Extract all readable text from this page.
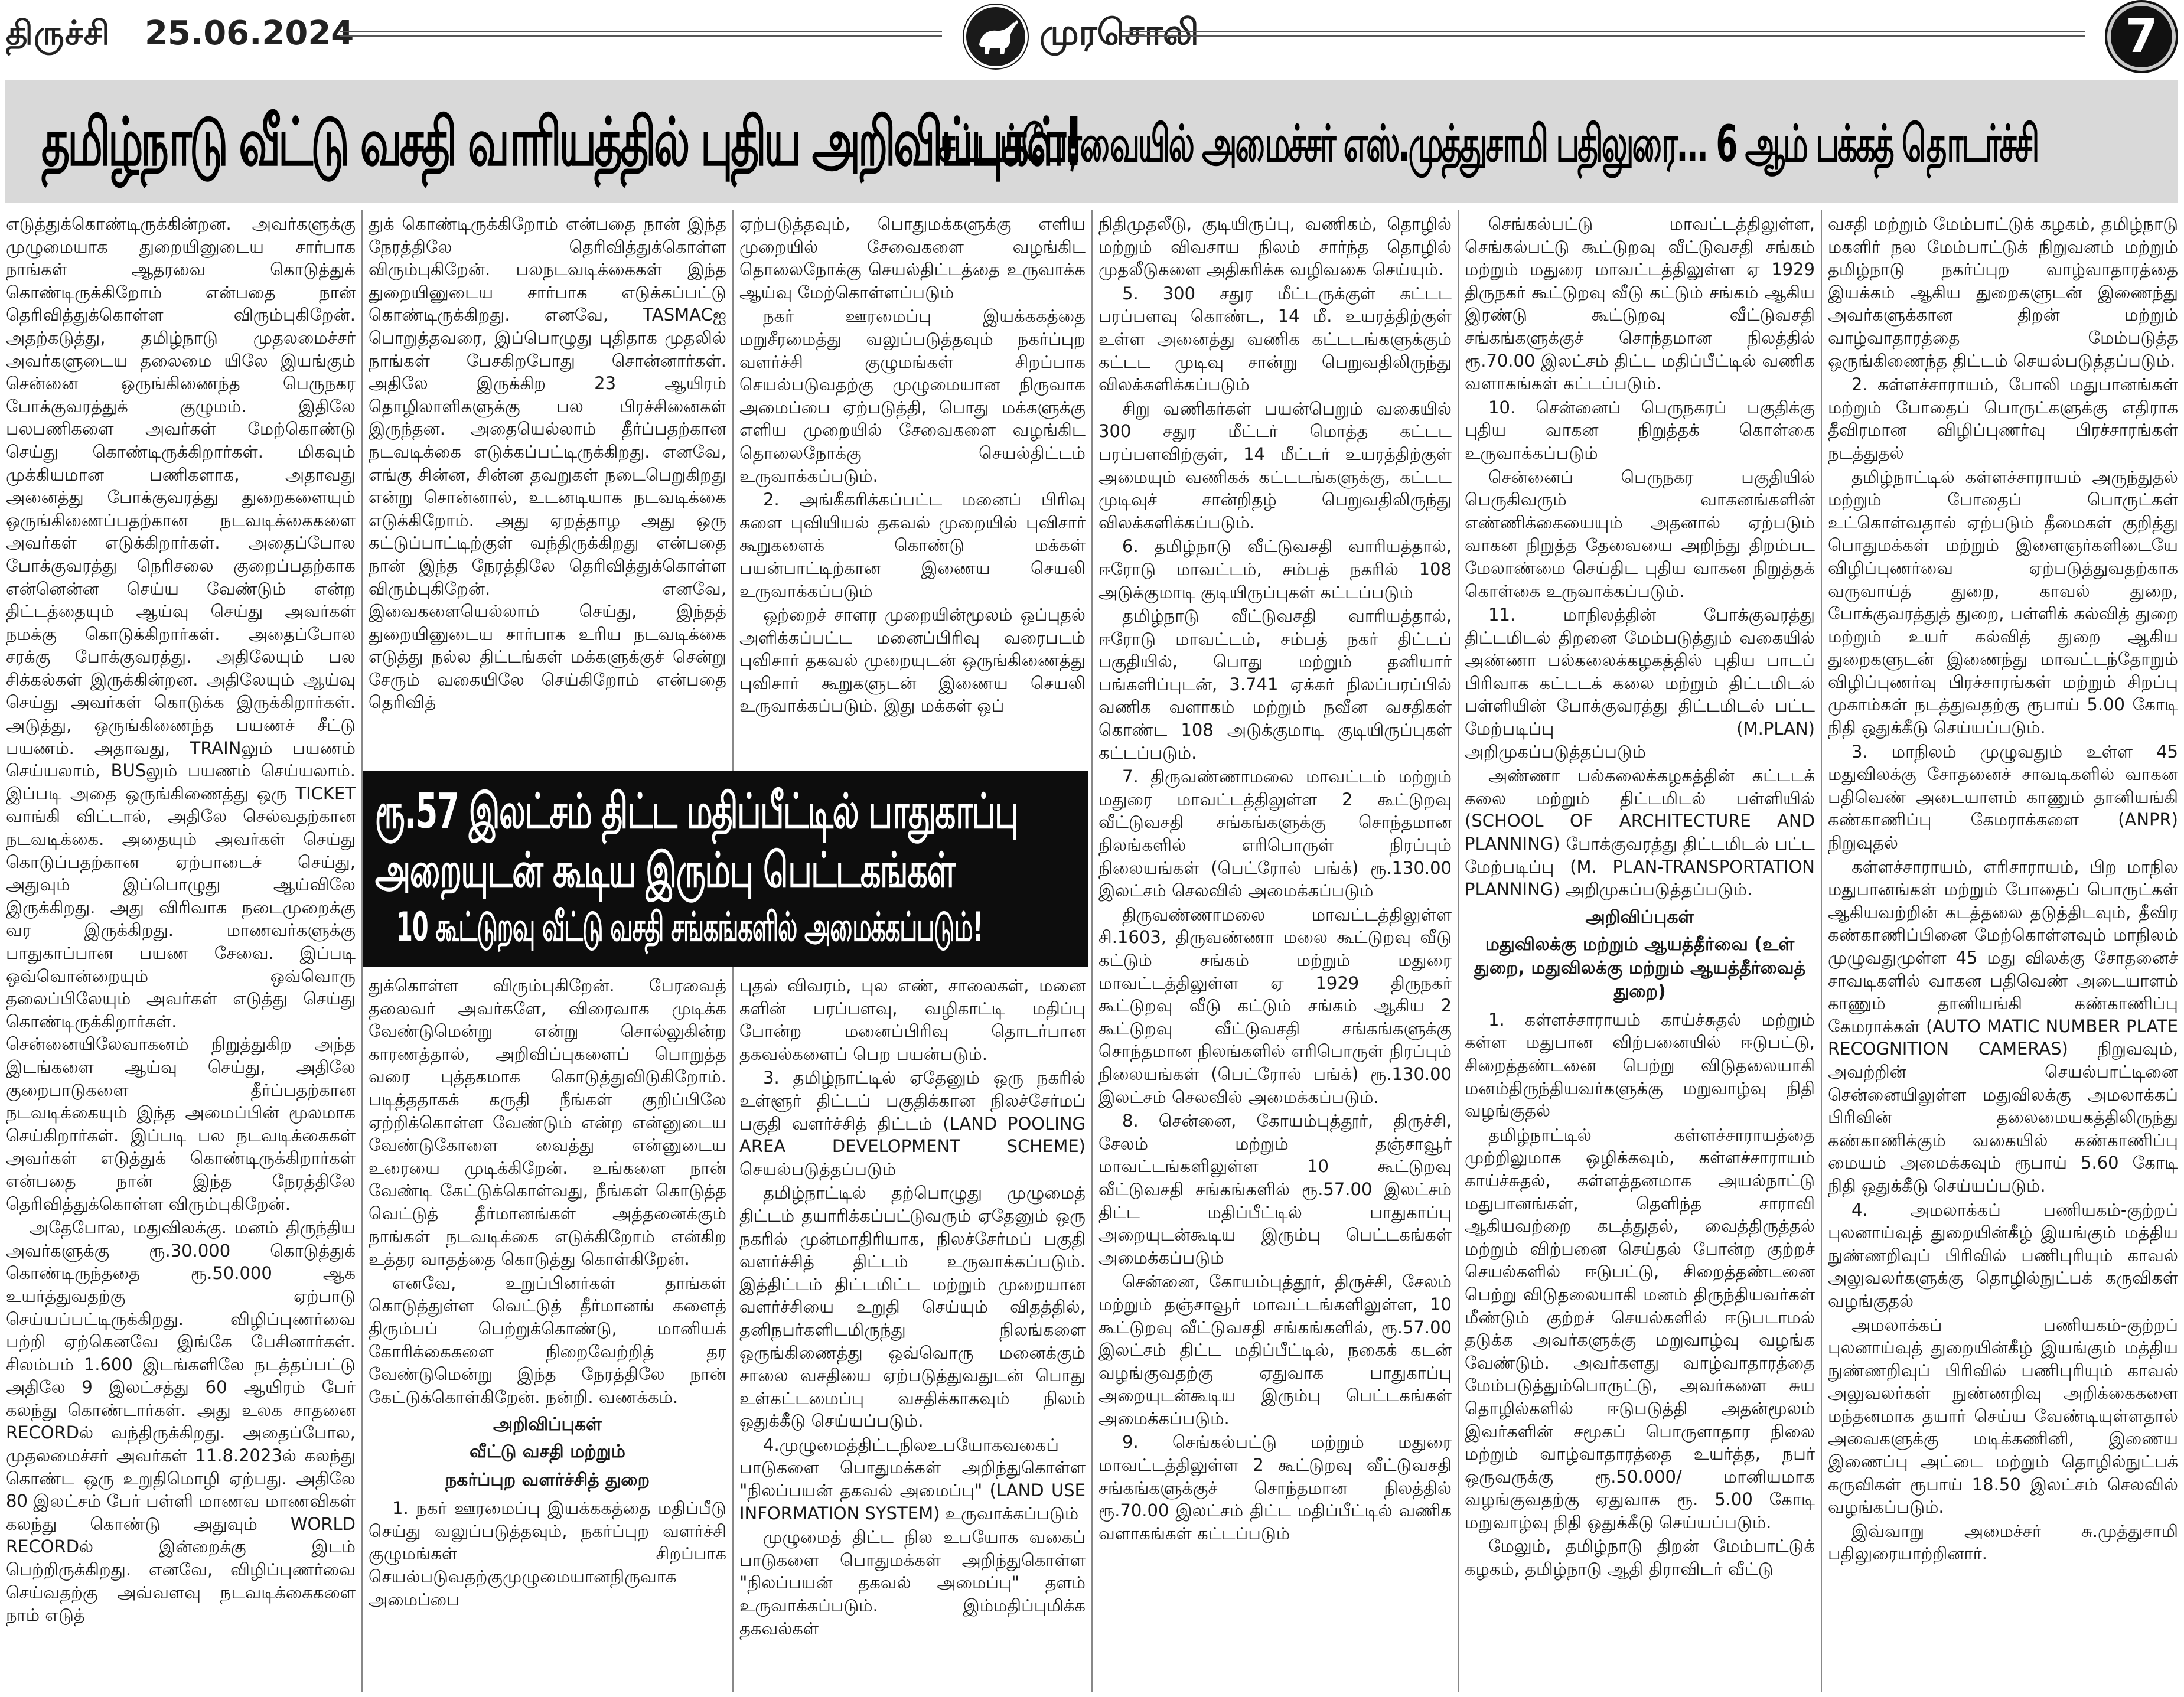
திருச்சி 25.06.2024	முரசொலி	7
தமிழ்நாடு வீட்டு வசதி வாரியத்தில் புதிய அறிவிப்புகள்!
சட்டப்பேரவையில் அமைச்சர் எஸ்.முத்துசாமி பதிலுரை... 6 ஆம் பக்கத் தொடர்ச்சி

எடுத்துக்கொண்டிருக்கின்றன. அவர்களுக்கு முழுமையாக துறையினுடைய சார்பாக நாங்கள் ஆதரவை கொடுத்துக் கொண்டிருக்கிறோம் என்பதை நான் தெரிவித்துக்கொள்ள விரும்புகிறேன். அதற்கடுத்து, தமிழ்நாடு முதலமைச்சர் அவர்களுடைய தலைமை யிலே இயங்கும் சென்னை ஒருங்கிணைந்த பெருநகர போக்குவரத்துக் குழுமம். இதிலே பலபணிகளை அவர்கள் மேற்கொண்டு செய்து கொண்டிருக்கிறார்கள். மிகவும் முக்கியமான பணிகளாக, அதாவது அனைத்து போக்குவரத்து துறைகளையும் ஒருங்கிணைப்பதற்கான நடவடிக்கைகளை அவர்கள் எடுக்கிறார்கள். அதைப்போல போக்குவரத்து நெரிசலை குறைப்பதற்காக என்னென்ன செய்ய வேண்டும் என்ற திட்டத்தையும் ஆய்வு செய்து அவர்கள் நமக்கு கொடுக்கிறார்கள். அதைப்போல சரக்கு போக்குவரத்து. அதிலேயும் பல சிக்கல்கள் இருக்கின்றன. அதிலேயும் ஆய்வு செய்து அவர்கள் கொடுக்க இருக்கிறார்கள். அடுத்து, ஒருங்கிணைந்த பயணச் சீட்டு பயணம். அதாவது, TRAINலும் பயணம் செய்யலாம், BUSலும் பயணம் செய்யலாம். இப்படி அதை ஒருங்கிணைத்து ஒரு TICKET வாங்கி விட்டால், அதிலே செல்வதற்கான நடவடிக்கை. அதையும் அவர்கள் செய்து கொடுப்பதற்கான ஏற்பாடைச் செய்து, அதுவும் இப்பொழுது ஆய்விலே இருக்கிறது. அது விரிவாக நடைமுறைக்கு வர இருக்கிறது. மாணவர்களுக்கு பாதுகாப்பான பயண சேவை. இப்படி ஒவ்வொன்றையும் ஒவ்வொரு தலைப்பிலேயும் அவர்கள் எடுத்து செய்து கொண்டிருக்கிறார்கள். சென்னையிலேவாகனம் நிறுத்துகிற அந்த இடங்களை ஆய்வு செய்து, அதிலே குறைபாடுகளை தீர்ப்பதற்கான நடவடிக்கையும் இந்த அமைப்பின் மூலமாக செய்கிறார்கள். இப்படி பல நடவடிக்கைகள் அவர்கள் எடுத்துக் கொண்டிருக்கிறார்கள் என்பதை நான் இந்த நேரத்திலே தெரிவித்துக்கொள்ள விரும்புகிறேன்.

அதேபோல, மதுவிலக்கு. மனம் திருந்திய அவர்களுக்கு ரூ.30.000 கொடுத்துக் கொண்டிருந்ததை ரூ.50.000 ஆக உயர்த்துவதற்கு ஏற்பாடு செய்யப்பட்டிருக்கிறது. விழிப்புணர்வை பற்றி ஏற்கெனவே இங்கே பேசினார்கள். சிலம்பம் 1.600 இடங்களிலே நடத்தப்பட்டு அதிலே 9 இலட்சத்து 60 ஆயிரம் பேர் கலந்து கொண்டார்கள். அது உலக சாதனை RECORDல் வந்திருக்கிறது. அதைப்போல, முதலமைச்சர் அவர்கள் 11.8.2023ல் கலந்து கொண்ட ஒரு உறுதிமொழி ஏற்பது. அதிலே 80 இலட்சம் பேர் பள்ளி மாணவ மாணவிகள் கலந்து கொண்டு அதுவும் WORLD RECORDல் இன்றைக்கு இடம் பெற்றிருக்கிறது. எனவே, விழிப்புணர்வை செய்வதற்கு அவ்வளவு நடவடிக்கைகளை நாம் எடுத்

துக் கொண்டிருக்கிறோம் என்பதை நான் இந்த நேரத்திலே தெரிவித்துக்கொள்ள விரும்புகிறேன். பலநடவடிக்கைகள் இந்த துறையினுடைய சார்பாக எடுக்கப்பட்டு கொண்டிருக்கிறது. எனவே, TASMACஐ பொறுத்தவரை, இப்பொழுது புதிதாக முதலில் நாங்கள் பேசகிறபோது சொன்னார்கள். அதிலே இருக்கிற 23 ஆயிரம் தொழிலாளிகளுக்கு பல பிரச்சினைகள் இருந்தன. அதையெல்லாம் தீர்ப்பதற்கான நடவடிக்கை எடுக்கப்பட்டிருக்கிறது. எனவே, எங்கு சின்ன, சின்ன தவறுகள் நடைபெறுகிறது என்று சொன்னால், உடனடியாக நடவடிக்கை எடுக்கிறோம். அது ஏறத்தாழ அது ஒரு கட்டுப்பாட்டிற்குள் வந்திருக்கிறது என்பதை நான் இந்த நேரத்திலே தெரிவித்துக்கொள்ள விரும்புகிறேன். எனவே, இவைகளையெல்லாம் செய்து, இந்தத் துறையினுடைய சார்பாக உரிய நடவடிக்கை எடுத்து நல்ல திட்டங்கள் மக்களுக்குச் சென்று சேரும் வகையிலே செய்கிறோம் என்பதை தெரிவித்

ஏற்படுத்தவும், பொதுமக்களுக்கு எளிய முறையில் சேவைகளை வழங்கிட தொலைநோக்கு செயல்திட்டத்தை உருவாக்க ஆய்வு மேற்கொள்ளப்படும்

நகர் ஊரமைப்பு இயக்ககத்தை மறுசீரமைத்து வலுப்படுத்தவும் நகர்ப்புற வளர்ச்சி குழுமங்கள் சிறப்பாக செயல்படுவதற்கு முழுமையான நிருவாக அமைப்பை ஏற்படுத்தி, பொது மக்களுக்கு எளிய முறையில் சேவைகளை வழங்கிட தொலைநோக்கு செயல்திட்டம் உருவாக்கப்படும்.

2. அங்கீகரிக்கப்பட்ட மனைப் பிரிவு களை புவியியல் தகவல் முறையில் புவிசார் கூறுகளைக் கொண்டு மக்கள் பயன்பாட்டிற்கான இணைய செயலி உருவாக்கப்படும்

ஒற்றைச் சாளர முறையின்மூலம் ஒப்புதல் அளிக்கப்பட்ட மனைப்பிரிவு வரைபடம் புவிசார் தகவல் முறையுடன் ஒருங்கிணைத்து புவிசார் கூறுகளுடன் இணைய செயலி உருவாக்கப்படும். இது மக்கள் ஒப்

ரூ.57 இலட்சம் திட்ட மதிப்பீட்டில் பாதுகாப்பு
அறையுடன் கூடிய இரும்பு பெட்டகங்கள்
10 கூட்டுறவு வீட்டு வசதி சங்கங்களில் அமைக்கப்படும்!

துக்கொள்ள விரும்புகிறேன். பேரவைத் தலைவர் அவர்களே, விரைவாக முடிக்க வேண்டுமென்று என்று சொல்லுகின்ற காரணத்தால், அறிவிப்புகளைப் பொறுத்த வரை புத்தகமாக கொடுத்துவிடுகிறோம். படித்ததாகக் கருதி நீங்கள் குறிப்பிலே ஏற்றிக்கொள்ள வேண்டும் என்ற என்னுடைய வேண்டுகோளை வைத்து என்னுடைய உரையை முடிக்கிறேன். உங்களை நான் வேண்டி கேட்டுக்கொள்வது, நீங்கள் கொடுத்த வெட்டுத் தீர்மானங்கள் அத்தனைக்கும் நாங்கள் நடவடிக்கை எடுக்கிறோம் என்கிற உத்தர வாதத்தை கொடுத்து கொள்கிறேன்.

எனவே, உறுப்பினர்கள் தாங்கள் கொடுத்துள்ள வெட்டுத் தீர்மானங் களைத் திரும்பப் பெற்றுக்கொண்டு, மானியக் கோரிக்கைகளை நிறைவேற்றித் தர வேண்டுமென்று இந்த நேரத்திலே நான் கேட்டுக்கொள்கிறேன். நன்றி. வணக்கம்.

அறிவிப்புகள்
வீட்டு வசதி மற்றும்
நகர்ப்புற வளர்ச்சித் துறை

1. நகர் ஊரமைப்பு இயக்ககத்தை மதிப்பீடு செய்து வலுப்படுத்தவும், நகர்ப்புற வளர்ச்சி குழுமங்கள் சிறப்பாக செயல்படுவதற்குமுழுமையானநிருவாக அமைப்பை

புதல் விவரம், புல எண், சாலைகள், மனை களின் பரப்பளவு, வழிகாட்டி மதிப்பு போன்ற மனைப்பிரிவு தொடர்பான தகவல்களைப் பெற பயன்படும்.

3. தமிழ்நாட்டில் ஏதேனும் ஒரு நகரில் உள்ளூர் திட்டப் பகுதிக்கான நிலச்சேர்மப் பகுதி வளர்ச்சித் திட்டம் (LAND POOLING AREA DEVELOPMENT SCHEME) செயல்படுத்தப்படும்

தமிழ்நாட்டில் தற்பொழுது முழுமைத் திட்டம் தயாரிக்கப்பட்டுவரும் ஏதேனும் ஒரு நகரில் முன்மாதிரியாக, நிலச்சேர்மப் பகுதி வளர்ச்சித் திட்டம் உருவாக்கப்படும். இத்திட்டம் திட்டமிட்ட மற்றும் முறையான வளர்ச்சியை உறுதி செய்யும் விதத்தில், தனிநபர்களிடமிருந்து நிலங்களை ஒருங்கிணைத்து ஒவ்வொரு மனைக்கும் சாலை வசதியை ஏற்படுத்துவதுடன் பொது உள்கட்டமைப்பு வசதிக்காகவும் நிலம் ஒதுக்கீடு செய்யப்படும்.

4.முழுமைத்திட்டநிலஉபயோகவகைப் பாடுகளை பொதுமக்கள் அறிந்துகொள்ள "நிலப்பயன் தகவல் அமைப்பு" (LAND USE INFORMATION SYSTEM) உருவாக்கப்படும்

முழுமைத் திட்ட நில உபயோக வகைப் பாடுகளை பொதுமக்கள் அறிந்துகொள்ள "நிலப்பயன் தகவல் அமைப்பு" தளம் உருவாக்கப்படும். இம்மதிப்புமிக்க தகவல்கள்

நிதிமுதலீடு, குடியிருப்பு, வணிகம், தொழில் மற்றும் விவசாய நிலம் சார்ந்த தொழில் முதலீடுகளை அதிகரிக்க வழிவகை செய்யும்.

5. 300 சதுர மீட்டருக்குள் கட்டட பரப்பளவு கொண்ட, 14 மீ. உயரத்திற்குள் உள்ள அனைத்து வணிக கட்டடங்களுக்கும் கட்டட முடிவு சான்று பெறுவதிலிருந்து விலக்களிக்கப்படும்

சிறு வணிகர்கள் பயன்பெறும் வகையில் 300 சதுர மீட்டர் மொத்த கட்டட பரப்பளவிற்குள், 14 மீட்டர் உயரத்திற்குள் அமையும் வணிகக் கட்டடங்களுக்கு, கட்டட முடிவுச் சான்றிதழ் பெறுவதிலிருந்து விலக்களிக்கப்படும்.

6. தமிழ்நாடு வீட்டுவசதி வாரியத்தால், ஈரோடு மாவட்டம், சம்பத் நகரில் 108 அடுக்குமாடி குடியிருப்புகள் கட்டப்படும்

தமிழ்நாடு வீட்டுவசதி வாரியத்தால், ஈரோடு மாவட்டம், சம்பத் நகர் திட்டப் பகுதியில், பொது மற்றும் தனியார் பங்களிப்புடன், 3.741 ஏக்கர் நிலப்பரப்பில் வணிக வளாகம் மற்றும் நவீன வசதிகள் கொண்ட 108 அடுக்குமாடி குடியிருப்புகள் கட்டப்படும்.

7. திருவண்ணாமலை மாவட்டம் மற்றும் மதுரை மாவட்டத்திலுள்ள 2 கூட்டுறவு வீட்டுவசதி சங்கங்களுக்கு சொந்தமான நிலங்களில் எரிபொருள் நிரப்பும் நிலையங்கள் (பெட்ரோல் பங்க்) ரூ.130.00 இலட்சம் செலவில் அமைக்கப்படும்

திருவண்ணாமலை மாவட்டத்திலுள்ள சி.1603, திருவண்ணா மலை கூட்டுறவு வீடு கட்டும் சங்கம் மற்றும் மதுரை மாவட்டத்திலுள்ள ஏ 1929 திருநகர் கூட்டுறவு வீடு கட்டும் சங்கம் ஆகிய 2 கூட்டுறவு வீட்டுவசதி சங்கங்களுக்கு சொந்தமான நிலங்களில் எரிபொருள் நிரப்பும் நிலையங்கள் (பெட்ரோல் பங்க்) ரூ.130.00 இலட்சம் செலவில் அமைக்கப்படும்.

8. சென்னை, கோயம்புத்தூர், திருச்சி, சேலம் மற்றும் தஞ்சாவூர் மாவட்டங்களிலுள்ள 10 கூட்டுறவு வீட்டுவசதி சங்கங்களில் ரூ.57.00 இலட்சம் திட்ட மதிப்பீட்டில் பாதுகாப்பு அறையுடன்கூடிய இரும்பு பெட்டகங்கள் அமைக்கப்படும்

சென்னை, கோயம்புத்தூர், திருச்சி, சேலம் மற்றும் தஞ்சாவூர் மாவட்டங்களிலுள்ள, 10 கூட்டுறவு வீட்டுவசதி சங்கங்களில், ரூ.57.00 இலட்சம் திட்ட மதிப்பீட்டில், நகைக் கடன் வழங்குவதற்கு ஏதுவாக பாதுகாப்பு அறையுடன்கூடிய இரும்பு பெட்டகங்கள் அமைக்கப்படும்.

9. செங்கல்பட்டு மற்றும் மதுரை மாவட்டத்திலுள்ள 2 கூட்டுறவு வீட்டுவசதி சங்கங்களுக்குச் சொந்தமான நிலத்தில் ரூ.70.00 இலட்சம் திட்ட மதிப்பீட்டில் வணிக வளாகங்கள் கட்டப்படும்

செங்கல்பட்டு மாவட்டத்திலுள்ள, செங்கல்பட்டு கூட்டுறவு வீட்டுவசதி சங்கம் மற்றும் மதுரை மாவட்டத்திலுள்ள ஏ 1929 திருநகர் கூட்டுறவு வீடு கட்டும் சங்கம் ஆகிய இரண்டு கூட்டுறவு வீட்டுவசதி சங்கங்களுக்குச் சொந்தமான நிலத்தில் ரூ.70.00 இலட்சம் திட்ட மதிப்பீட்டில் வணிக வளாகங்கள் கட்டப்படும்.

10. சென்னைப் பெருநகரப் பகுதிக்கு புதிய வாகன நிறுத்தக் கொள்கை உருவாக்கப்படும்

சென்னைப் பெருநகர பகுதியில் பெருகிவரும் வாகனங்களின் எண்ணிக்கையையும் அதனால் ஏற்படும் வாகன நிறுத்த தேவையை அறிந்து திறம்பட மேலாண்மை செய்திட புதிய வாகன நிறுத்தக் கொள்கை உருவாக்கப்படும்.

11. மாநிலத்தின் போக்குவரத்து திட்டமிடல் திறனை மேம்படுத்தும் வகையில் அண்ணா பல்கலைக்கழகத்தில் புதிய பாடப் பிரிவாக கட்டடக் கலை மற்றும் திட்டமிடல் பள்ளியின் போக்குவரத்து திட்டமிடல் பட்ட மேற்படிப்பு (M.PLAN) அறிமுகப்படுத்தப்படும்

அண்ணா பல்கலைக்கழகத்தின் கட்டடக் கலை மற்றும் திட்டமிடல் பள்ளியில் (SCHOOL OF ARCHITECTURE AND PLANNING) போக்குவரத்து திட்டமிடல் பட்ட மேற்படிப்பு (M. PLAN-TRANSPORTATION PLANNING) அறிமுகப்படுத்தப்படும்.

அறிவிப்புகள்
மதுவிலக்கு மற்றும் ஆயத்தீர்வை (உள் துறை, மதுவிலக்கு மற்றும் ஆயத்தீர்வைத் துறை)

1. கள்ளச்சாராயம் காய்ச்சுதல் மற்றும் கள்ள மதுபான விற்பனையில் ஈடுபட்டு, சிறைத்தண்டனை பெற்று விடுதலையாகி மனம்திருந்தியவர்களுக்கு மறுவாழ்வு நிதி வழங்குதல்

தமிழ்நாட்டில் கள்ளச்சாராயத்தை முற்றிலுமாக ஒழிக்கவும், கள்ளச்சாராயம் காய்ச்சுதல், கள்ளத்தனமாக அயல்நாட்டு மதுபானங்கள், தெளிந்த சாராவி ஆகியவற்றை கடத்துதல், வைத்திருத்தல் மற்றும் விற்பனை செய்தல் போன்ற குற்றச் செயல்களில் ஈடுபட்டு, சிறைத்தண்டனை பெற்று விடுதலையாகி மனம் திருந்தியவர்கள் மீண்டும் குற்றச் செயல்களில் ஈடுபடாமல் தடுக்க அவர்களுக்கு மறுவாழ்வு வழங்க வேண்டும். அவர்களது வாழ்வாதாரத்தை மேம்படுத்தும்பொருட்டு, அவர்களை சுய தொழில்களில் ஈடுபடுத்தி அதன்மூலம் இவர்களின் சமூகப் பொருளாதார நிலை மற்றும் வாழ்வாதாரத்தை உயர்த்த, நபர் ஒருவருக்கு ரூ.50.000/ மானியமாக வழங்குவதற்கு ஏதுவாக ரூ. 5.00 கோடி மறுவாழ்வு நிதி ஒதுக்கீடு செய்யப்படும்.

மேலும், தமிழ்நாடு திறன் மேம்பாட்டுக் கழகம், தமிழ்நாடு ஆதி திராவிடர் வீட்டு

வசதி மற்றும் மேம்பாட்டுக் கழகம், தமிழ்நாடு மகளிர் நல மேம்பாட்டுக் நிறுவனம் மற்றும் தமிழ்நாடு நகர்ப்புற வாழ்வாதாரத்தை இயக்கம் ஆகிய துறைகளுடன் இணைந்து அவர்களுக்கான திறன் மற்றும் வாழ்வாதாரத்தை மேம்படுத்த ஒருங்கிணைந்த திட்டம் செயல்படுத்தப்படும்.

2. கள்ளச்சாராயம், போலி மதுபானங்கள் மற்றும் போதைப் பொருட்களுக்கு எதிராக தீவிரமான விழிப்புணர்வு பிரச்சாரங்கள் நடத்துதல்

தமிழ்நாட்டில் கள்ளச்சாராயம் அருந்துதல் மற்றும் போதைப் பொருட்கள் உட்கொள்வதால் ஏற்படும் தீமைகள் குறித்து பொதுமக்கள் மற்றும் இளைஞர்களிடையே விழிப்புணர்வை ஏற்படுத்துவதற்காக வருவாய்த் துறை, காவல் துறை, போக்குவரத்துத் துறை, பள்ளிக் கல்வித் துறை மற்றும் உயர் கல்வித் துறை ஆகிய துறைகளுடன் இணைந்து மாவட்டந்தோறும் விழிப்புணர்வு பிரச்சாரங்கள் மற்றும் சிறப்பு முகாம்கள் நடத்துவதற்கு ரூபாய் 5.00 கோடி நிதி ஒதுக்கீடு செய்யப்படும்.

3. மாநிலம் முழுவதும் உள்ள 45 மதுவிலக்கு சோதனைச் சாவடிகளில் வாகன பதிவெண் அடையாளம் காணும் தானியங்கி கண்காணிப்பு கேமராக்களை (ANPR) நிறுவுதல்

கள்ளச்சாராயம், எரிசாராயம், பிற மாநில மதுபானங்கள் மற்றும் போதைப் பொருட்கள் ஆகியவற்றின் கடத்தலை தடுத்திடவும், தீவிர கண்காணிப்பினை மேற்கொள்ளவும் மாநிலம் முழுவதுமுள்ள 45 மது விலக்கு சோதனைச் சாவடிகளில் வாகன பதிவெண் அடையாளம் காணும் தானியங்கி கண்காணிப்பு கேமராக்கள் (AUTO MATIC NUMBER PLATE RECOGNITION CAMERAS) நிறுவவும், அவற்றின் செயல்பாட்டினை சென்னையிலுள்ள மதுவிலக்கு அமலாக்கப் பிரிவின் தலைமையகத்திலிருந்து கண்காணிக்கும் வகையில் கண்காணிப்பு மையம் அமைக்கவும் ரூபாய் 5.60 கோடி நிதி ஒதுக்கீடு செய்யப்படும்.

4. அமலாக்கப் பணியகம்-குற்றப் புலனாய்வுத் துறையின்கீழ் இயங்கும் மத்திய நுண்ணறிவுப் பிரிவில் பணிபுரியும் காவல் அலுவலர்களுக்கு தொழில்நுட்பக் கருவிகள் வழங்குதல்

அமலாக்கப் பணியகம்-குற்றப் புலனாய்வுத் துறையின்கீழ் இயங்கும் மத்திய நுண்ணறிவுப் பிரிவில் பணிபுரியும் காவல் அலுவலர்கள் நுண்ணறிவு அறிக்கைகளை மந்தனமாக தயார் செய்ய வேண்டியுள்ளதால் அவைகளுக்கு மடிக்கணினி, இணைய இணைப்பு அட்டை மற்றும் தொழில்நுட்பக் கருவிகள் ரூபாய் 18.50 இலட்சம் செலவில் வழங்கப்படும்.

இவ்வாறு அமைச்சர் சு.முத்துசாமி பதிலுரையாற்றினார்.
